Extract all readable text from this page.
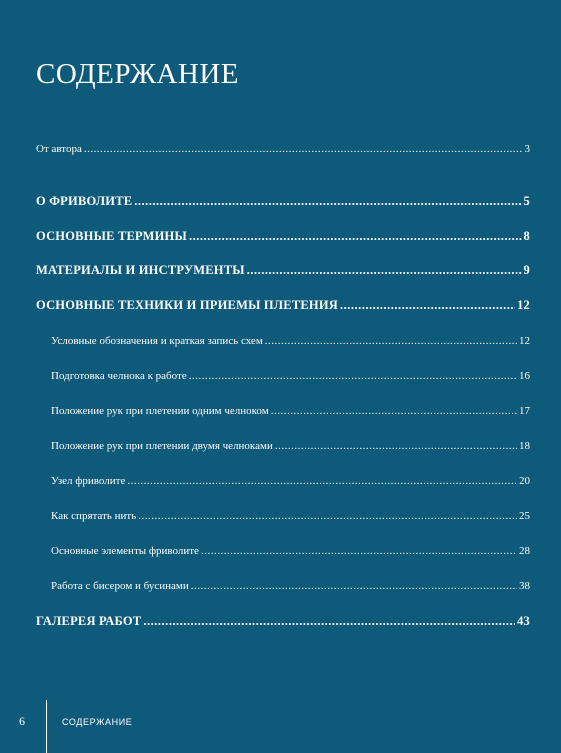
СОДЕРЖАНИЕ
От автора .....	3
О ФРИВОЛИТЕ .....	5
ОСНОВНЫЕ ТЕРМИНЫ .....	8
МАТЕРИАЛЫ И ИНСТРУМЕНТЫ .....	9
ОСНОВНЫЕ ТЕХНИКИ И ПРИЕМЫ ПЛЕТЕНИЯ .....	12
Условные обозначения и краткая запись схем .....	12
Подготовка челнока к работе .....	16
Положение рук при плетении одним челноком .....	17
Положение рук при плетении двумя челноками .....	18
Узел фриволите .....	20
Как спрятать нить .....	25
Основные элементы фриволите .....	28
Работа с бисером и бусинами .....	38
ГАЛЕРЕЯ РАБОТ .....	43
6	СОДЕРЖАНИЕ
